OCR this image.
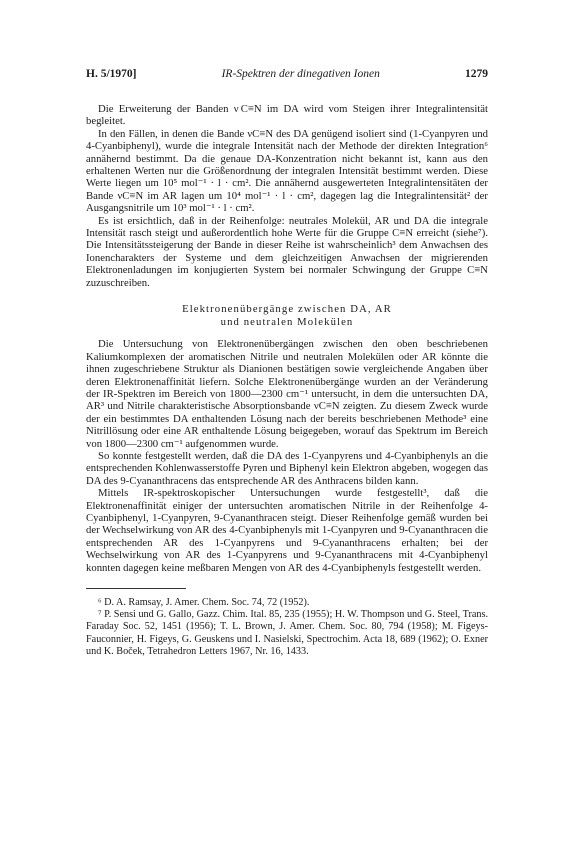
H. 5/1970]	IR-Spektren der dinegativen Ionen	1279

Die Erweiterung der Banden ν C≡N im DA wird vom Steigen ihrer Integralintensität begleitet.

In den Fällen, in denen die Bande νC≡N des DA genügend isoliert sind (1-Cyanpyren und 4-Cyanbiphenyl), wurde die integrale Intensität nach der Methode der direkten Integration⁶ annähernd bestimmt. Da die genaue DA-Konzentration nicht bekannt ist, kann aus den erhaltenen Werten nur die Größenordnung der integralen Intensität bestimmt werden. Diese Werte liegen um 10⁵ mol⁻¹ · l · cm². Die annähernd ausgewerteten Integralintensitäten der Bande νC≡N im AR lagen um 10⁴ mol⁻¹ · l · cm², dagegen lag die Integralintensität² der Ausgangsnitrile um 10³ mol⁻¹ · l · cm².

Es ist ersichtlich, daß in der Reihenfolge: neutrales Molekül, AR und DA die integrale Intensität rasch steigt und außerordentlich hohe Werte für die Gruppe C≡N erreicht (siehe⁷). Die Intensitätssteigerung der Bande in dieser Reihe ist wahrscheinlich³ dem Anwachsen des Ionencharakters der Systeme und dem gleichzeitigen Anwachsen der migrierenden Elektronenladungen im konjugierten System bei normaler Schwingung der Gruppe C≡N zuzuschreiben.

Elektronenübergänge zwischen DA, AR
und neutralen Molekülen

Die Untersuchung von Elektronenübergängen zwischen den oben beschriebenen Kaliumkomplexen der aromatischen Nitrile und neutralen Molekülen oder AR könnte die ihnen zugeschriebene Struktur als Dianionen bestätigen sowie vergleichende Angaben über deren Elektronenaffinität liefern. Solche Elektronenübergänge wurden an der Veränderung der IR-Spektren im Bereich von 1800—2300 cm⁻¹ untersucht, in dem die untersuchten DA, AR³ und Nitrile charakteristische Absorptionsbande νC≡N zeigten. Zu diesem Zweck wurde der ein bestimmtes DA enthaltenden Lösung nach der bereits beschriebenen Methode³ eine Nitrillösung oder eine AR enthaltende Lösung beigegeben, worauf das Spektrum im Bereich von 1800—2300 cm⁻¹ aufgenommen wurde.

So konnte festgestellt werden, daß die DA des 1-Cyanpyrens und 4-Cyanbiphenyls an die entsprechenden Kohlenwasserstoffe Pyren und Biphenyl kein Elektron abgeben, wogegen das DA des 9-Cyananthracens das entsprechende AR des Anthracens bilden kann.

Mittels IR-spektroskopischer Untersuchungen wurde festgestellt³, daß die Elektronenaffinität einiger der untersuchten aromatischen Nitrile in der Reihenfolge 4-Cyanbiphenyl, 1-Cyanpyren, 9-Cyananthracen steigt. Dieser Reihenfolge gemäß wurden bei der Wechselwirkung von AR des 4-Cyanbiphenyls mit 1-Cyanpyren und 9-Cyananthracen die entsprechenden AR des 1-Cyanpyrens und 9-Cyananthracens erhalten; bei der Wechselwirkung von AR des 1-Cyanpyrens und 9-Cyananthracens mit 4-Cyanbiphenyl konnten dagegen keine meßbaren Mengen von AR des 4-Cyanbiphenyls festgestellt werden.

⁶ D. A. Ramsay, J. Amer. Chem. Soc. 74, 72 (1952).

⁷ P. Sensi und G. Gallo, Gazz. Chim. Ital. 85, 235 (1955); H. W. Thompson und G. Steel, Trans. Faraday Soc. 52, 1451 (1956); T. L. Brown, J. Amer. Chem. Soc. 80, 794 (1958); M. Figeys-Fauconnier, H. Figeys, G. Geuskens und I. Nasielski, Spectrochim. Acta 18, 689 (1962); O. Exner und K. Boček, Tetrahedron Letters 1967, Nr. 16, 1433.
